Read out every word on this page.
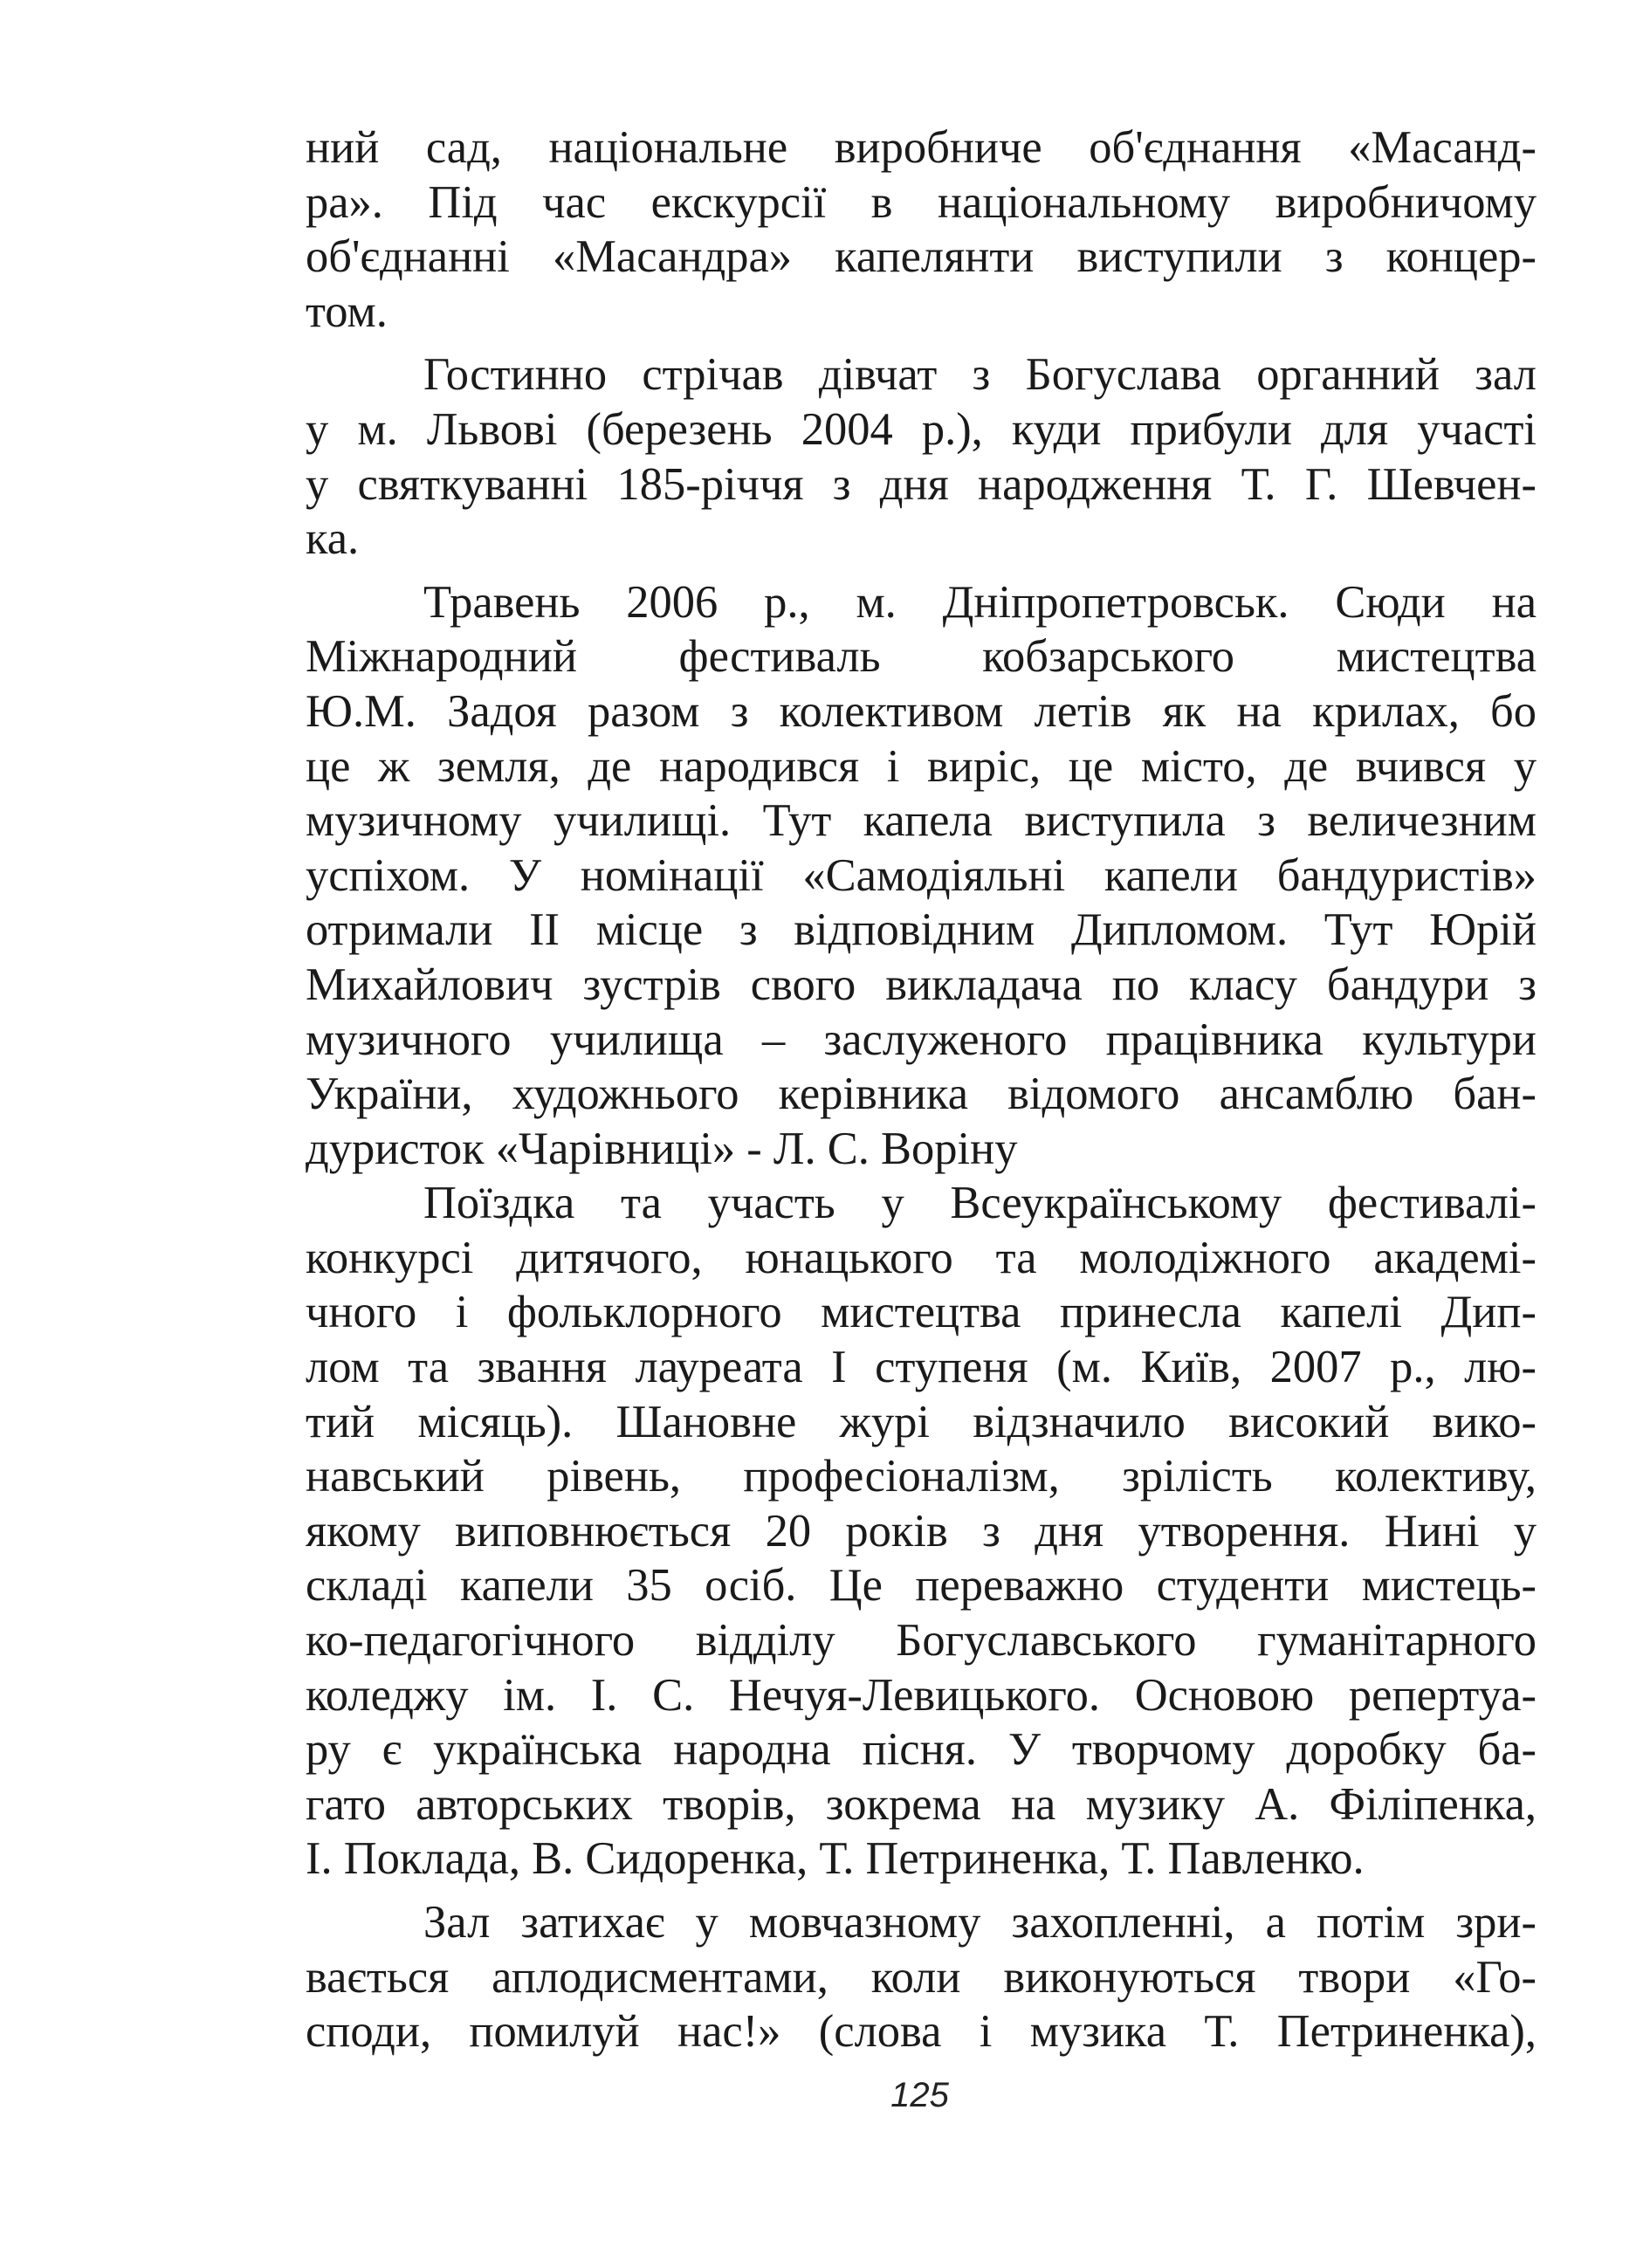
ний сад, національне виробниче об'єднання «Масанд-
ра». Під час екскурсії в національному виробничому
об'єднанні «Масандра» капелянти виступили з концер-
том.
Гостинно стрічав дівчат з Богуслава органний зал
у м. Львові (березень 2004 р.), куди прибули для участі
у святкуванні 185-річчя з дня народження Т. Г. Шевчен-
ка.
Травень 2006 р., м. Дніпропетровськ. Сюди на
Міжнародний фестиваль кобзарського мистецтва
Ю.М. Задоя разом з колективом летів як на крилах, бо
це ж земля, де народився і виріс, це місто, де вчився у
музичному училищі. Тут капела виступила з величезним
успіхом. У номінації «Самодіяльні капели бандуристів»
отримали ІІ місце з відповідним Дипломом. Тут Юрій
Михайлович зустрів свого викладача по класу бандури з
музичного училища – заслуженого працівника культури
України, художнього керівника відомого ансамблю бан-
дуристок «Чарівниці» - Л. С. Воріну
Поїздка та участь у Всеукраїнському фестивалі-
конкурсі дитячого, юнацького та молодіжного академі-
чного і фольклорного мистецтва принесла капелі Дип-
лом та звання лауреата І ступеня (м. Київ, 2007 р., лю-
тий місяць). Шановне журі відзначило високий вико-
навський рівень, професіоналізм, зрілість колективу,
якому виповнюється 20 років з дня утворення. Нині у
складі капели 35 осіб. Це переважно студенти мистець-
ко-педагогічного відділу Богуславського гуманітарного
коледжу ім. І. С. Нечуя-Левицького. Основою репертуа-
ру є українська народна пісня. У творчому доробку ба-
гато авторських творів, зокрема на музику А. Філіпенка,
І. Поклада, В. Сидоренка, Т. Петриненка, Т. Павленко.
Зал затихає у мовчазному захопленні, а потім зри-
вається аплодисментами, коли виконуються твори «Го-
споди, помилуй нас!» (слова і музика Т. Петриненка),
125
